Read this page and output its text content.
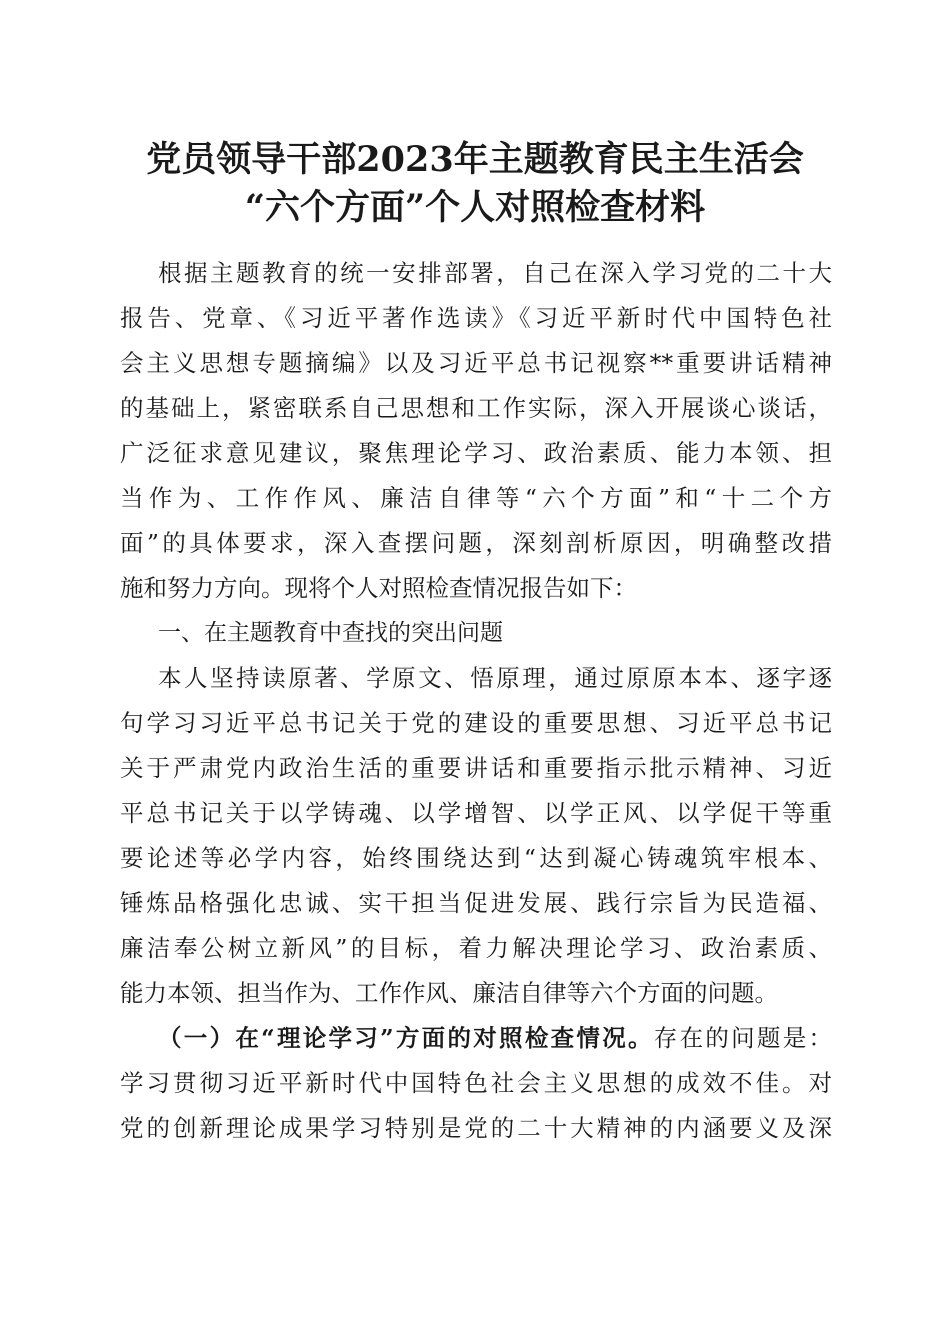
党员领导干部2023年主题教育民主生活会
“六个方面”个人对照检查材料
根据主题教育的统一安排部署，自己在深入学习党的二十大
报告、党章、《习近平著作选读》《习近平新时代中国特色社
会主义思想专题摘编》以及习近平总书记视察**重要讲话精神
的基础上，紧密联系自己思想和工作实际，深入开展谈心谈话，
广泛征求意见建议，聚焦理论学习、政治素质、能力本领、担
当作为、工作作风、廉洁自律等“六个方面”和“十二个方
面”的具体要求，深入查摆问题，深刻剖析原因，明确整改措
施和努力方向。现将个人对照检查情况报告如下：
一、在主题教育中查找的突出问题
本人坚持读原著、学原文、悟原理，通过原原本本、逐字逐
句学习习近平总书记关于党的建设的重要思想、习近平总书记
关于严肃党内政治生活的重要讲话和重要指示批示精神、习近
平总书记关于以学铸魂、以学增智、以学正风、以学促干等重
要论述等必学内容，始终围绕达到“达到凝心铸魂筑牢根本、
锤炼品格强化忠诚、实干担当促进发展、践行宗旨为民造福、
廉洁奉公树立新风”的目标，着力解决理论学习、政治素质、
能力本领、担当作为、工作作风、廉洁自律等六个方面的问题。
（一）在“理论学习”方面的对照检查情况。存在的问题是：
学习贯彻习近平新时代中国特色社会主义思想的成效不佳。对
党的创新理论成果学习特别是党的二十大精神的内涵要义及深
